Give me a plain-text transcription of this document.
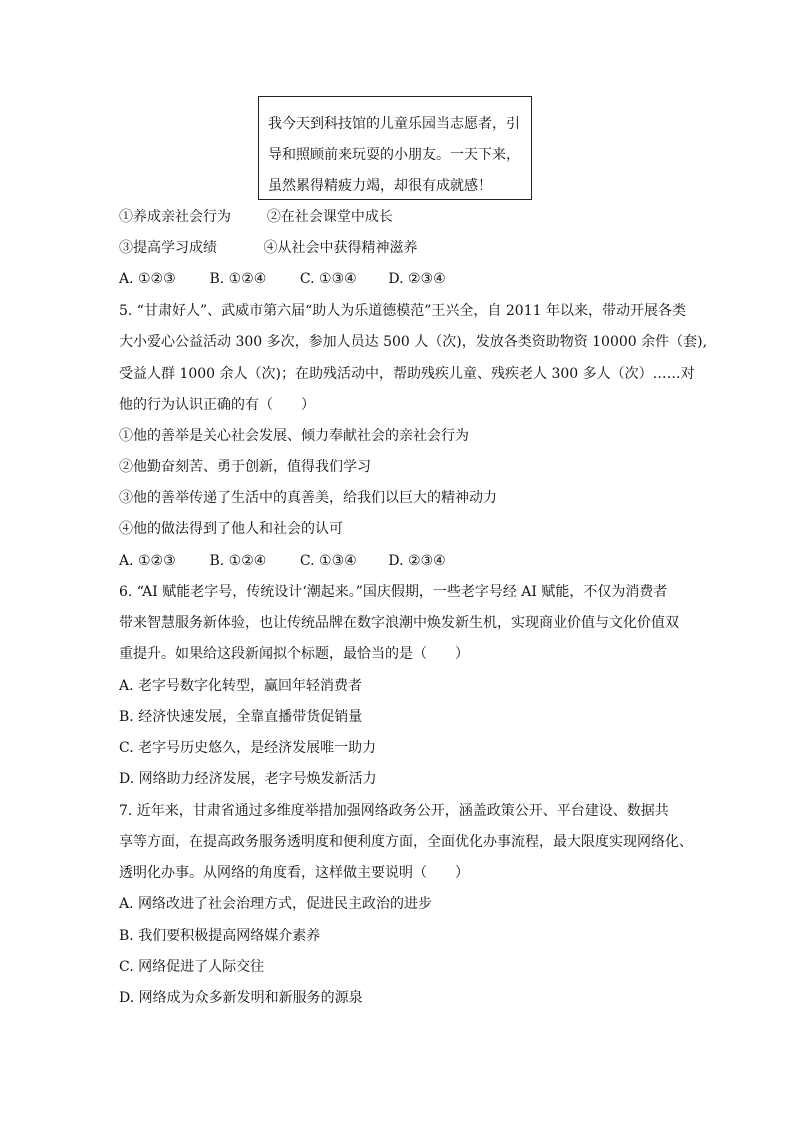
我今天到科技馆的儿童乐园当志愿者，引
导和照顾前来玩耍的小朋友。一天下来，
虽然累得精疲力竭，却很有成就感！
①养成亲社会行为	②在社会课堂中成长
③提高学习成绩	④从社会中获得精神滋养
A. ①②③ B. ①②④ C. ①③④ D. ②③④
5. “甘肃好人”、武威市第六届“助人为乐道德模范”王兴全，自 2011 年以来，带动开展各类
大小爱心公益活动 300 多次，参加人员达 500 人（次)，发放各类资助物资 10000 余件（套),
受益人群 1000 余人（次)；在助残活动中，帮助残疾儿童、残疾老人 300 多人（次）……对
他的行为认识正确的有（　　）
①他的善举是关心社会发展、倾力奉献社会的亲社会行为
②他勤奋刻苦、勇于创新，值得我们学习
③他的善举传递了生活中的真善美，给我们以巨大的精神动力
④他的做法得到了他人和社会的认可
A. ①②③ B. ①②④ C. ①③④ D. ②③④
6. “AI 赋能老字号，传统设计‘潮起来。”国庆假期，一些老字号经 AI 赋能，不仅为消费者
带来智慧服务新体验，也让传统品牌在数字浪潮中焕发新生机，实现商业价值与文化价值双
重提升。如果给这段新闻拟个标题，最恰当的是（　　）
A. 老字号数字化转型，赢回年轻消费者
B. 经济快速发展，全靠直播带货促销量
C. 老字号历史悠久，是经济发展唯一助力
D. 网络助力经济发展，老字号焕发新活力
7. 近年来，甘肃省通过多维度举措加强网络政务公开，涵盖政策公开、平台建设、数据共
享等方面，在提高政务服务透明度和便利度方面，全面优化办事流程，最大限度实现网络化、
透明化办事。从网络的角度看，这样做主要说明（　　）
A. 网络改进了社会治理方式，促进民主政治的进步
B. 我们要积极提高网络媒介素养
C. 网络促进了人际交往
D. 网络成为众多新发明和新服务的源泉
